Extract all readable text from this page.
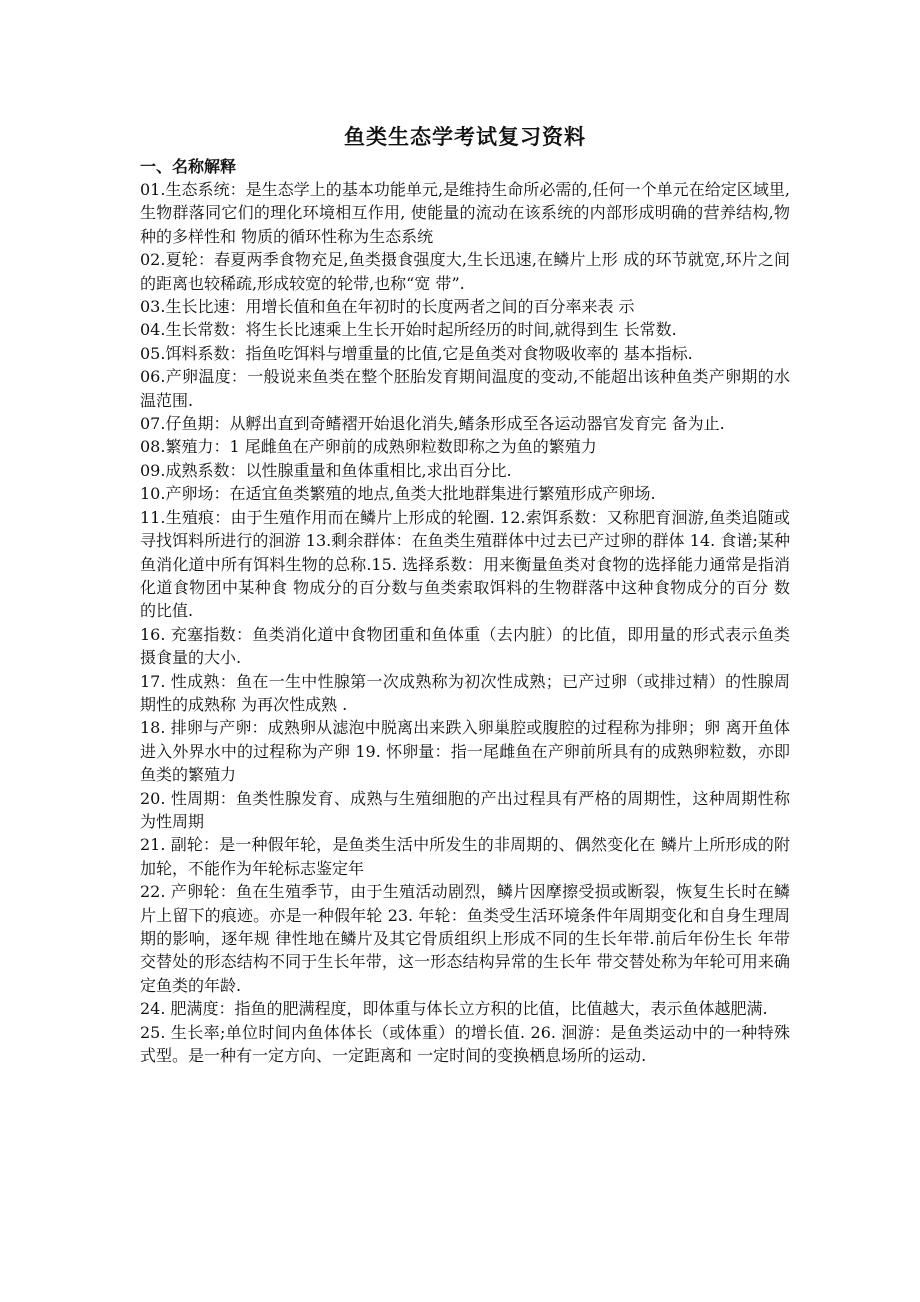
鱼类生态学考试复习资料
一、名称解释

01.生态系统：是生态学上的基本功能单元,是维持生命所必需的,任何一个单元在给定区域里,生物群落同它们的理化环境相互作用, 使能量的流动在该系统的内部形成明确的营养结构,物种的多样性和 物质的循环性称为生态系统

02.夏轮：春夏两季食物充足,鱼类摄食强度大,生长迅速,在鳞片上形 成的环节就宽,环片之间的距离也较稀疏,形成较宽的轮带,也称“宽 带”.

03.生长比速：用增长值和鱼在年初时的长度两者之间的百分率来表 示

04.生长常数：将生长比速乘上生长开始时起所经历的时间,就得到生 长常数.

05.饵料系数：指鱼吃饵料与增重量的比值,它是鱼类对食物吸收率的 基本指标.

06.产卵温度：一般说来鱼类在整个胚胎发育期间温度的变动,不能超出该种鱼类产卵期的水温范围.

07.仔鱼期：从孵出直到奇鳍褶开始退化消失,鳍条形成至各运动器官发育完 备为止.

08.繁殖力：1 尾雌鱼在产卵前的成熟卵粒数即称之为鱼的繁殖力

09.成熟系数：以性腺重量和鱼体重相比,求出百分比.

10.产卵场：在适宜鱼类繁殖的地点,鱼类大批地群集进行繁殖形成产卵场.

11.生殖痕：由于生殖作用而在鳞片上形成的轮圈. 12.索饵系数：又称肥育洄游,鱼类追随或寻找饵料所进行的洄游 13.剩余群体：在鱼类生殖群体中过去已产过卵的群体 14. 食谱;某种鱼消化道中所有饵料生物的总称.15. 选择系数：用来衡量鱼类对食物的选择能力通常是指消化道食物团中某种食 物成分的百分数与鱼类索取饵料的生物群落中这种食物成分的百分 数的比值.

16. 充塞指数：鱼类消化道中食物团重和鱼体重（去内脏）的比值，即用量的形式表示鱼类摄食量的大小.

17. 性成熟：鱼在一生中性腺第一次成熟称为初次性成熟；已产过卵（或排过精）的性腺周期性的成熟称 为再次性成熟 .

18. 排卵与产卵：成熟卵从滤泡中脱离出来跌入卵巢腔或腹腔的过程称为排卵；卵 离开鱼体进入外界水中的过程称为产卵 19. 怀卵量：指一尾雌鱼在产卵前所具有的成熟卵粒数，亦即鱼类的繁殖力

20. 性周期：鱼类性腺发育、成熟与生殖细胞的产出过程具有严格的周期性，这种周期性称为性周期

21. 副轮：是一种假年轮，是鱼类生活中所发生的非周期的、偶然变化在 鳞片上所形成的附加轮，不能作为年轮标志鉴定年

22. 产卵轮：鱼在生殖季节，由于生殖活动剧烈，鳞片因摩擦受损或断裂，恢复生长时在鳞片上留下的痕迹。亦是一种假年轮 23. 年轮：鱼类受生活环境条件年周期变化和自身生理周期的影响，逐年规 律性地在鳞片及其它骨质组织上形成不同的生长年带.前后年份生长 年带交替处的形态结构不同于生长年带，这一形态结构异常的生长年 带交替处称为年轮可用来确定鱼类的年龄.

24. 肥满度：指鱼的肥满程度，即体重与体长立方积的比值，比值越大，表示鱼体越肥满.

25. 生长率;单位时间内鱼体体长（或体重）的增长值. 26. 洄游：是鱼类运动中的一种特殊式型。是一种有一定方向、一定距离和 一定时间的变换栖息场所的运动.
